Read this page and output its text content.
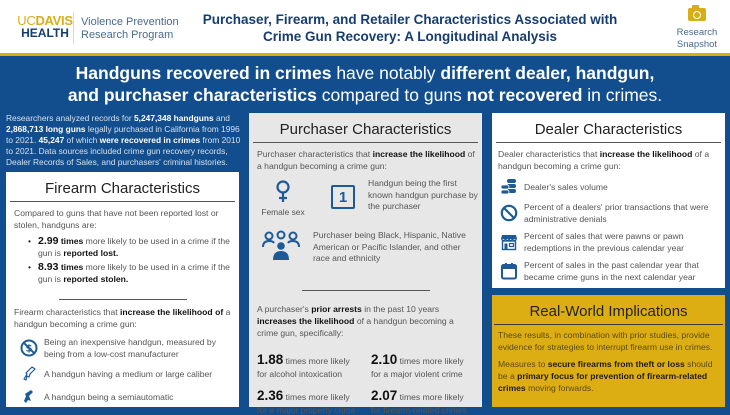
UCDAVIS
HEALTH
Violence Prevention
Research Program
Purchaser, Firearm, and Retailer Characteristics Associated with
Crime Gun Recovery: A Longitudinal Analysis	Research
Snapshot
Handguns recovered in crimes have notably different dealer, handgun,
and purchaser characteristics compared to guns not recovered in crimes.
Researchers analyzed records for 5,247,348 handguns and 2,868,713 long guns legally purchased in California from 1996 to 2021. 45,247 of which were recovered in crimes from 2010 to 2021. Data sources included crime gun recovery records, Dealer Records of Sales, and purchasers' criminal histories.
Firearm Characteristics
Compared to guns that have not been reported lost or stolen, handguns are:
• 2.99 times more likely to be used in a crime if the gun is reported lost.
• 8.93 times more likely to be used in a crime if the gun is reported stolen.
Firearm characteristics that increase the likelihood of a handgun becoming a crime gun:
$
Being an inexpensive handgun, measured by being from a low-cost manufacturer
A handgun having a medium or large caliber
A handgun being a semiautomatic
Purchaser Characteristics
Purchaser characteristics that increase the likelihood of a handgun becoming a crime gun:
Female sex
1
Handgun being the first known handgun purchase by the purchaser
Purchaser being Black, Hispanic, Native American or Pacific Islander, and other race and ethnicity
A purchaser's prior arrests in the past 10 years increases the likelihood of a handgun becoming a crime gun, specifically:
1.88 times more likely
for alcohol intoxication
2.10 times more likely
for a major violent crime
2.36 times more likely
for a major property crime
2.07 times more likely
for firearm-related crimes
Dealer Characteristics
Dealer characteristics that increase the likelihood of a handgun becoming a crime gun:
Dealer's sales volume
Percent of a dealers' prior transactions that were administrative denials
Percent of sales that were pawns or pawn redemptions in the previous calendar year
Percent of sales in the past calendar year that became crime guns in the next calendar year
Real-World Implications
These results, in combination with prior studies, provide evidence for strategies to interrupt firearm use in crimes.
Measures to secure firearms from theft or loss should be a primary focus for prevention of firearm-related crimes moving forwards.
